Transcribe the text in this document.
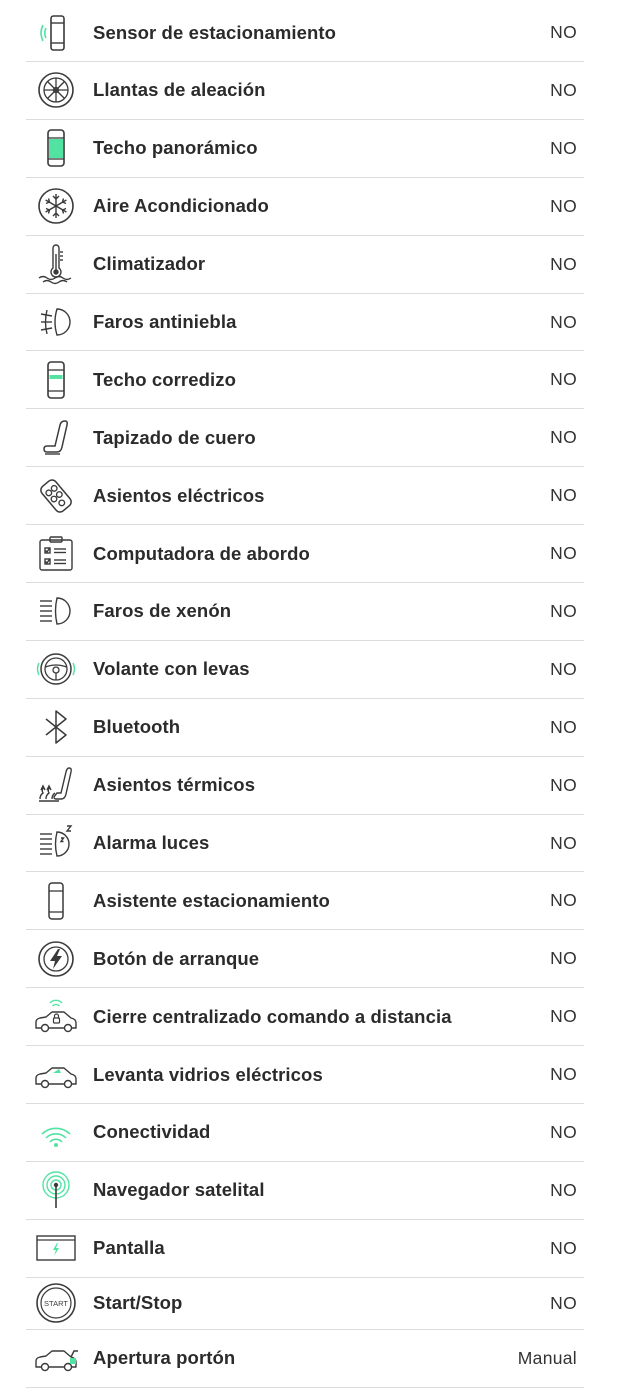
Sensor de estacionamiento	NO
Llantas de aleación	NO
Techo panorámico	NO
Aire Acondicionado	NO
Climatizador	NO
Faros antiniebla	NO
Techo corredizo	NO
Tapizado de cuero	NO
Asientos eléctricos	NO
Computadora de abordo	NO
Faros de xenón	NO
Volante con levas	NO
Bluetooth	NO
Asientos térmicos	NO
Alarma luces	NO
Asistente estacionamiento	NO
Botón de arranque	NO
Cierre centralizado comando a distancia	NO
Levanta vidrios eléctricos	NO
Conectividad	NO
Navegador satelital	NO
Pantalla	NO
START Start/Stop	NO
Apertura portón	Manual
